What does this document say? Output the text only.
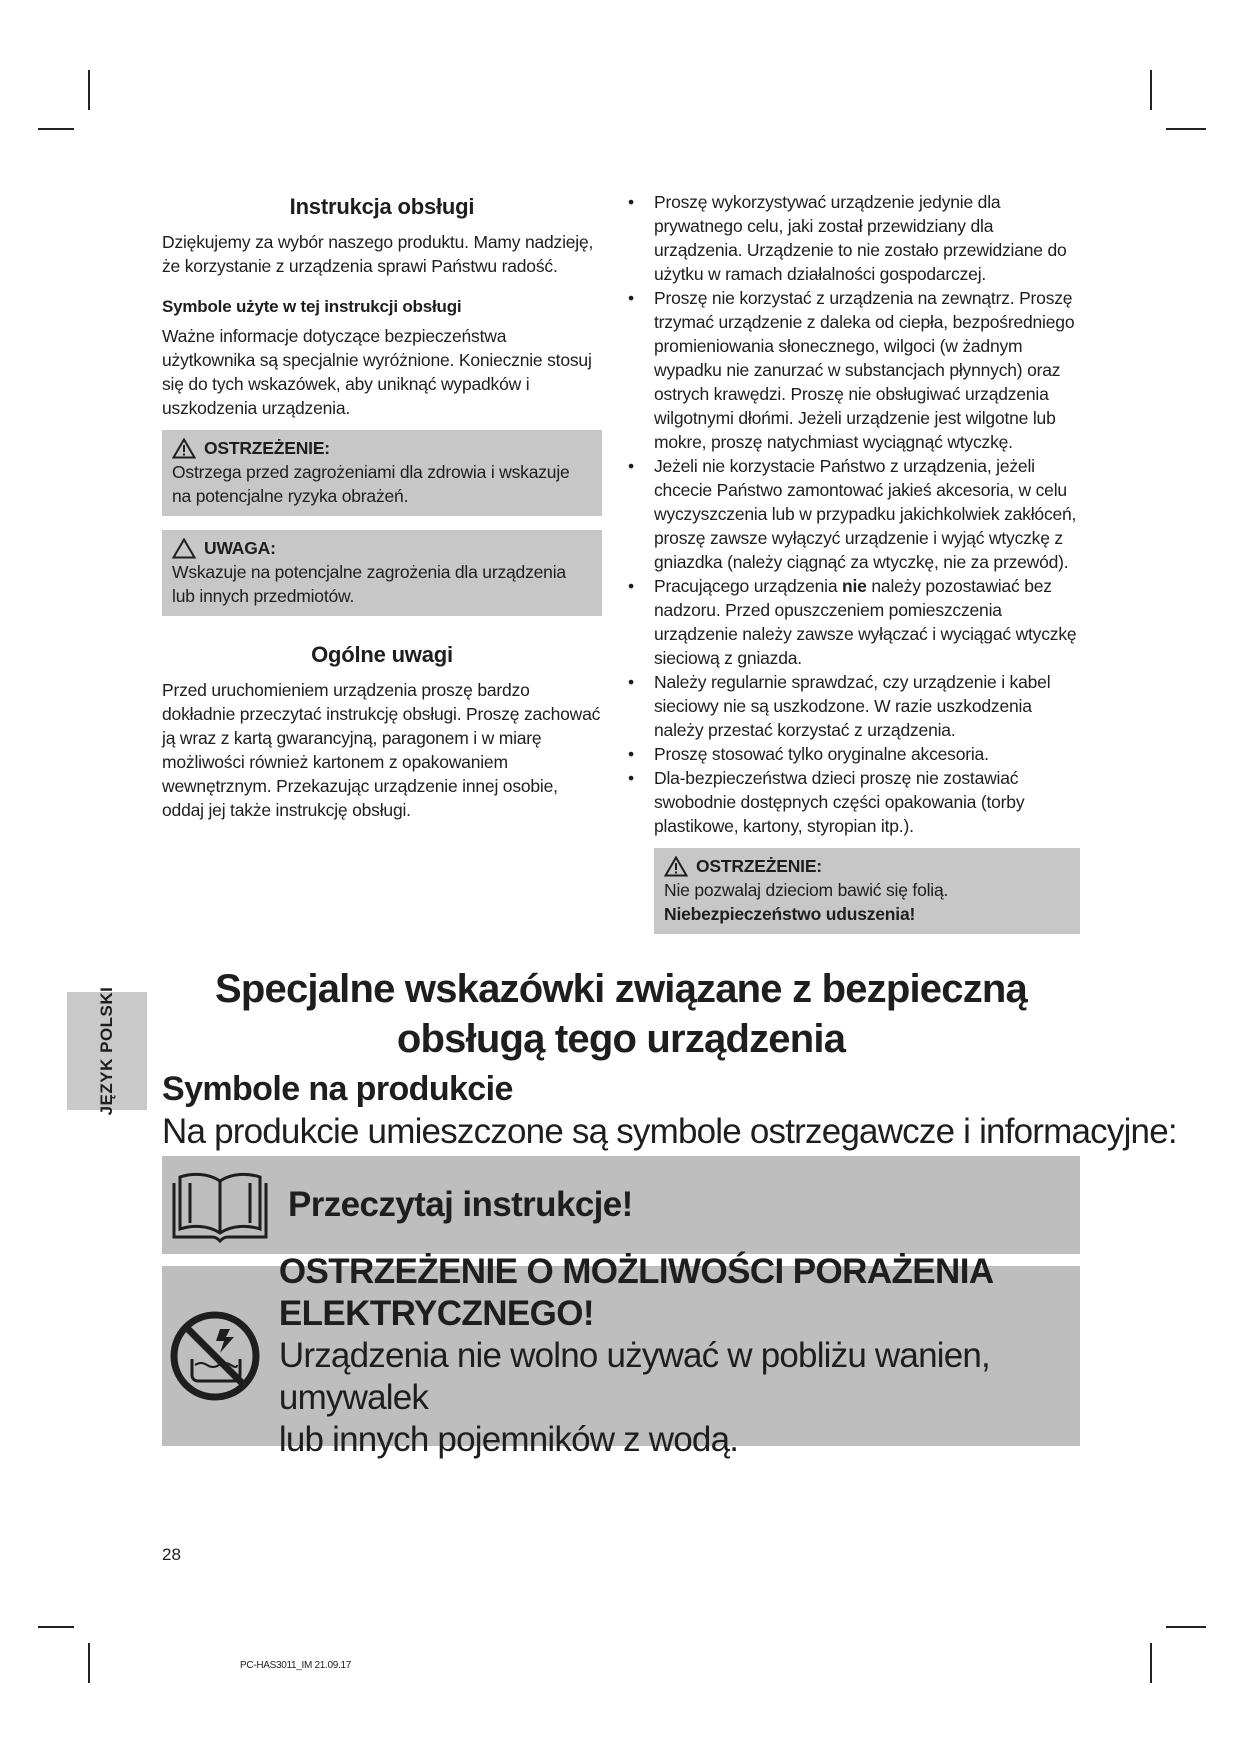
Instrukcja obsługi

Dziękujemy za wybór naszego produktu. Mamy nadzieję, że korzystanie z urządzenia sprawi Państwu radość.

Symbole użyte w tej instrukcji obsługi

Ważne informacje dotyczące bezpieczeństwa użytkownika są specjalnie wyróżnione. Koniecznie stosuj się do tych wskazówek, aby uniknąć wypadków i uszkodzenia urządzenia.

OSTRZEŻENIE:

Ostrzega przed zagrożeniami dla zdrowia i wskazuje na potencjalne ryzyka obrażeń.

UWAGA:

Wskazuje na potencjalne zagrożenia dla urządzenia lub innych przedmiotów.

Ogólne uwagi

Przed uruchomieniem urządzenia proszę bardzo dokładnie przeczytać instrukcję obsługi. Proszę zachować ją wraz z kartą gwarancyjną, paragonem i w miarę możliwości również kartonem z opakowaniem wewnętrznym. Przekazując urządzenie innej osobie, oddaj jej także instrukcję obsługi.

• Proszę wykorzystywać urządzenie jedynie dla prywatnego celu, jaki został przewidziany dla urządzenia. Urządzenie to nie zostało przewidziane do użytku w ramach działalności gospodarczej.
• Proszę nie korzystać z urządzenia na zewnątrz. Proszę trzymać urządzenie z daleka od ciepła, bezpośredniego promieniowania słonecznego, wilgoci (w żadnym wypadku nie zanurzać w substancjach płynnych) oraz ostrych krawędzi. Proszę nie obsługiwać urządzenia wilgotnymi dłońmi. Jeżeli urządzenie jest wilgotne lub mokre, proszę natychmiast wyciągnąć wtyczkę.
• Jeżeli nie korzystacie Państwo z urządzenia, jeżeli chcecie Państwo zamontować jakieś akcesoria, w celu wyczyszczenia lub w przypadku jakichkolwiek zakłóceń, proszę zawsze wyłączyć urządzenie i wyjąć wtyczkę z gniazdka (należy ciągnąć za wtyczkę, nie za przewód).
• Pracującego urządzenia nie należy pozostawiać bez nadzoru. Przed opuszczeniem pomieszczenia urządzenie należy zawsze wyłączać i wyciągać wtyczkę sieciową z gniazda.
• Należy regularnie sprawdzać, czy urządzenie i kabel sieciowy nie są uszkodzone. W razie uszkodzenia należy przestać korzystać z urządzenia.
• Proszę stosować tylko oryginalne akcesoria.
• Dla-bezpieczeństwa dzieci proszę nie zostawiać swobodnie dostępnych części opakowania (torby plastikowe, kartony, styropian itp.).
OSTRZEŻENIE:

Nie pozwalaj dzieciom bawić się folią. Niebezpieczeństwo uduszenia!

JĘZYK POLSKI	Specjalne wskazówki związane z bezpieczną
obsługą tego urządzenia
Symbole na produkcie
Na produkcie umieszczone są symbole ostrzegawcze i informacyjne:
Przeczytaj instrukcje!
OSTRZEŻENIE O MOŻLIWOŚCI PORAŻENIA
ELEKTRYCZNEGO!
Urządzenia nie wolno używać w pobliżu wanien, umywalek
lub innych pojemników z wodą.
28
PC-HAS3011_IM 21.09.17
